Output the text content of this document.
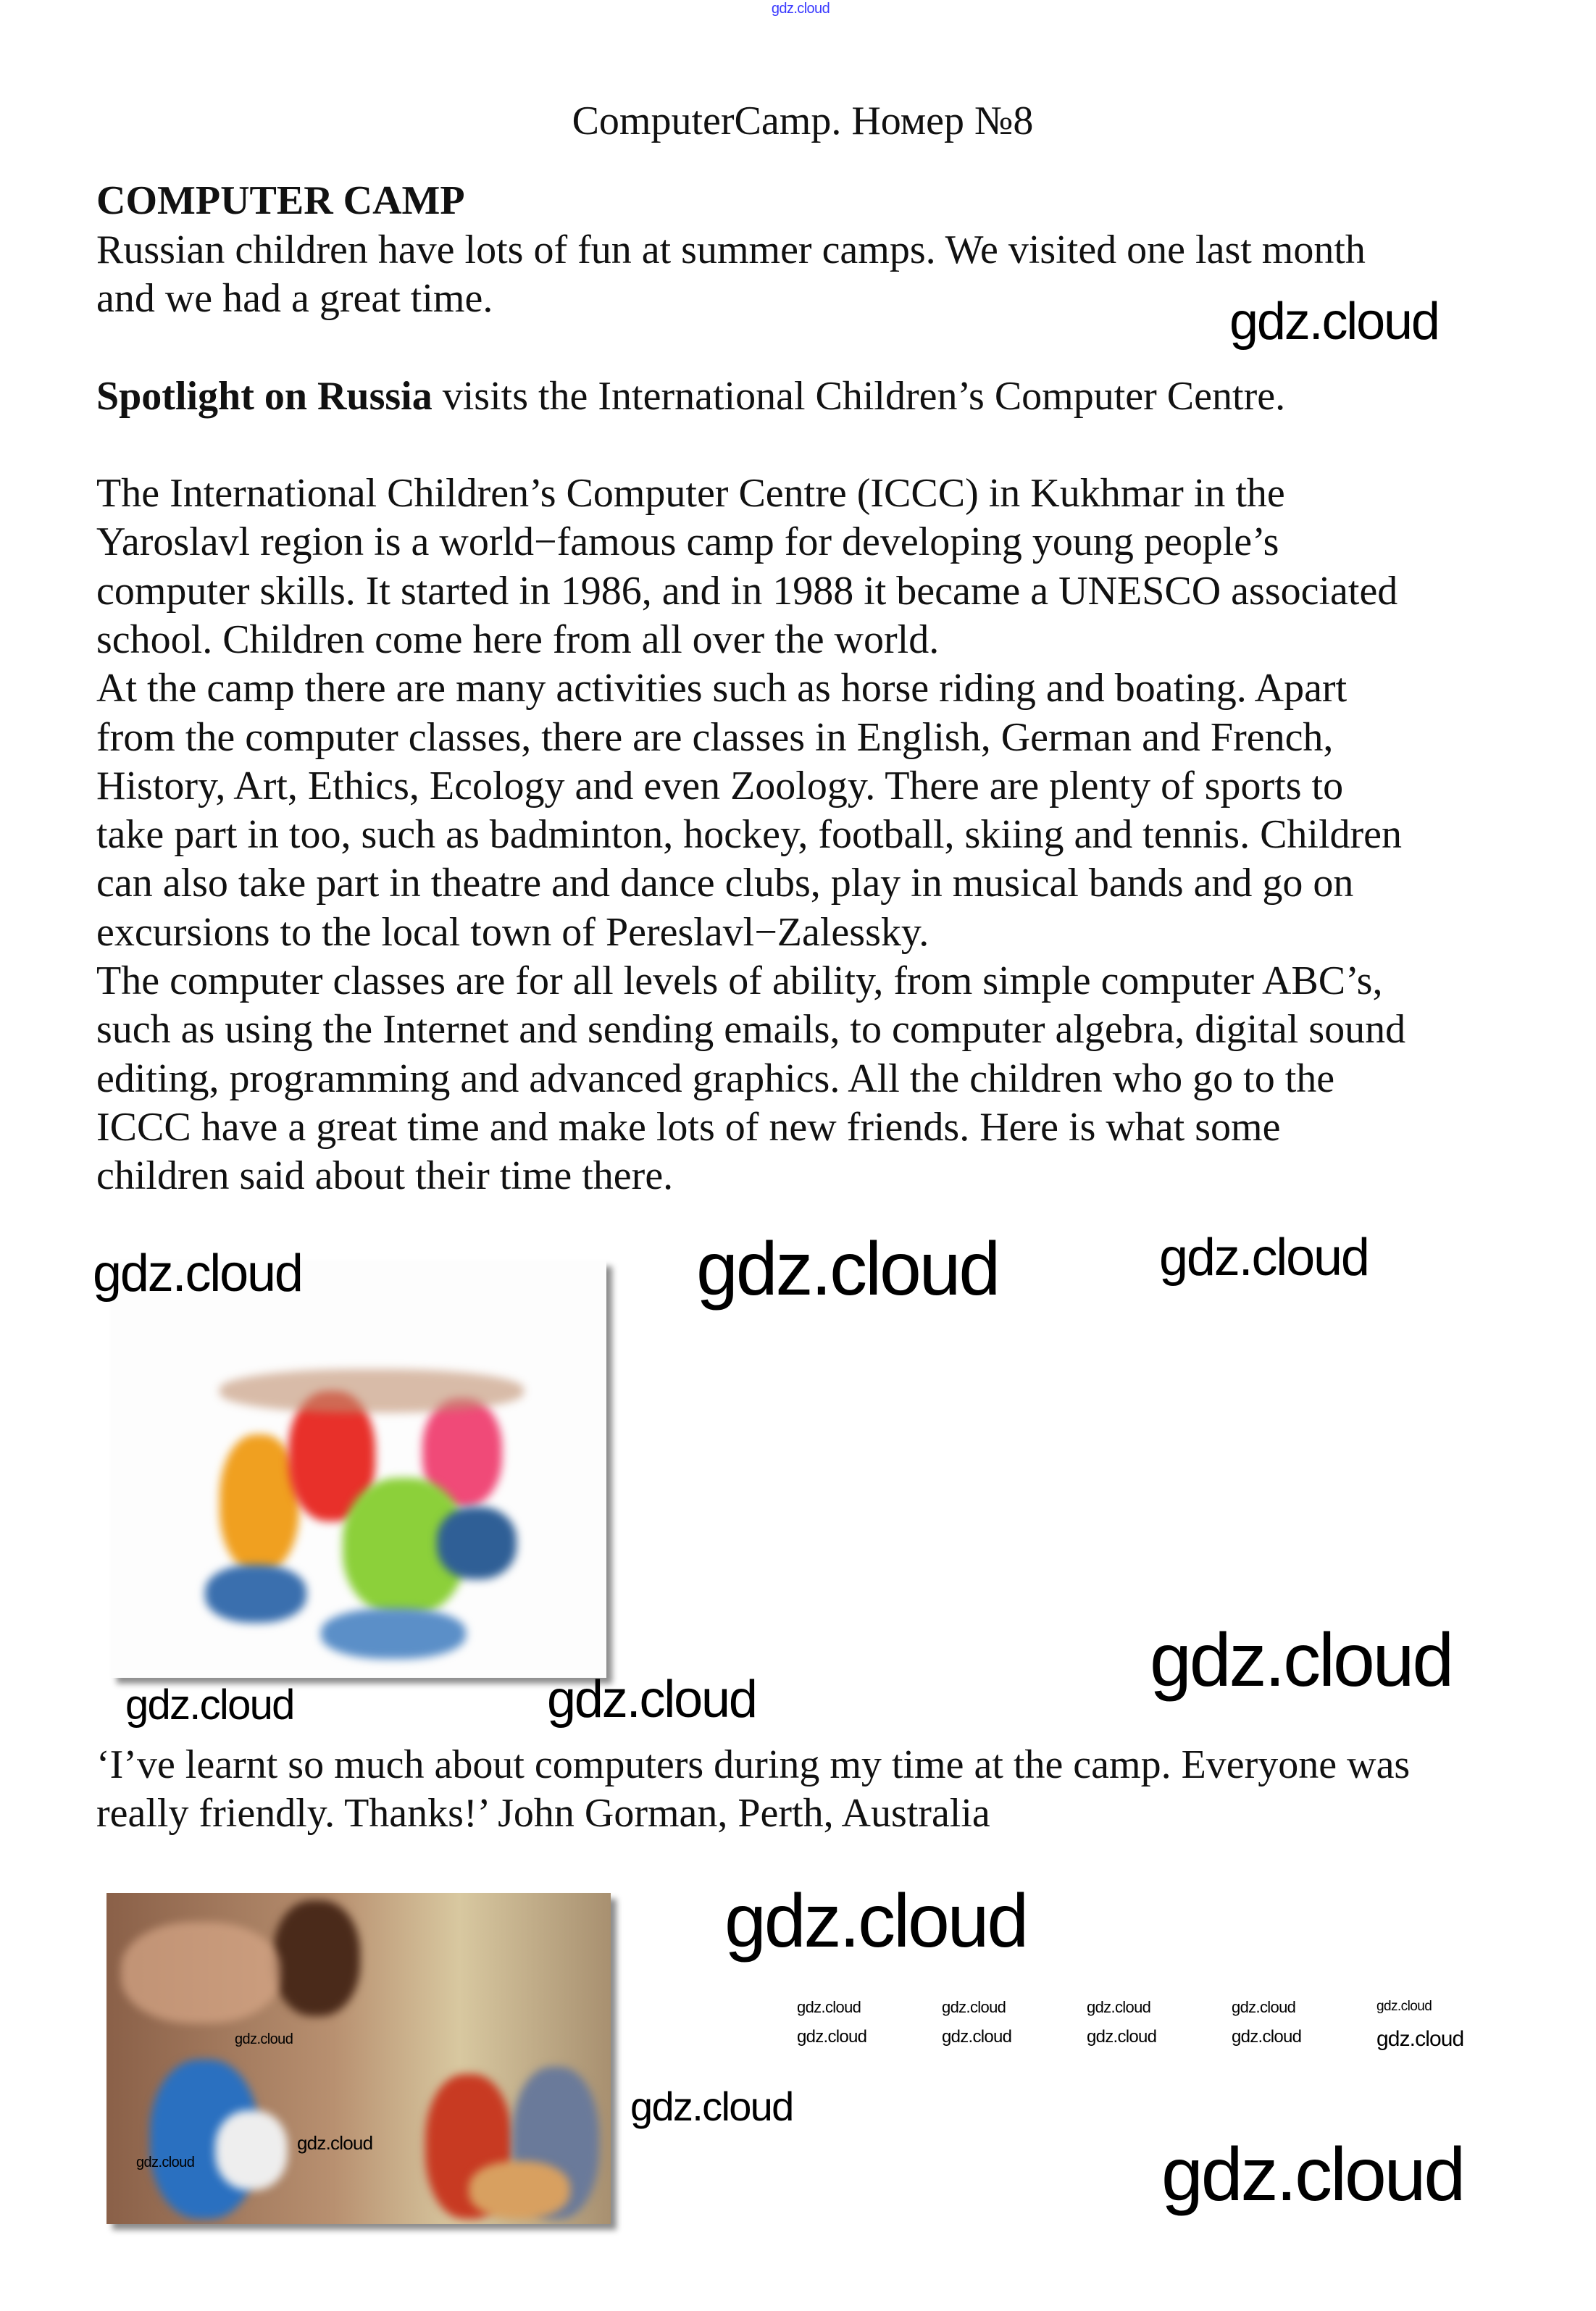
gdz.cloud
ComputerCamp. Номер №8
COMPUTER CAMP
Russian children have lots of fun at summer camps. We visited one last month
and we had a great time.
Spotlight on Russia visits the International Children’s Computer Centre.
The International Children’s Computer Centre (ICCC) in Kukhmar in the
Yaroslavl region is a world−famous camp for developing young people’s
computer skills. It started in 1986, and in 1988 it became a UNESCO associated
school. Children come here from all over the world.
At the camp there are many activities such as horse riding and boating. Apart
from the computer classes, there are classes in English, German and French,
History, Art, Ethics, Ecology and even Zoology. There are plenty of sports to
take part in too, such as badminton, hockey, football, skiing and tennis. Children
can also take part in theatre and dance clubs, play in musical bands and go on
excursions to the local town of Pereslavl−Zalessky.
The computer classes are for all levels of ability, from simple computer ABC’s,
such as using the Internet and sending emails, to computer algebra, digital sound
editing, programming and advanced graphics. All the children who go to the
ICCC have a great time and make lots of new friends. Here is what some
children said about their time there.
‘I’ve learnt so much about computers during my time at the camp. Everyone was
really friendly. Thanks!’ John Gorman, Perth, Australia
gdz.cloud
gdz.cloud
gdz.cloud
gdz.cloud
gdz.cloud
gdz.cloud
gdz.cloud
gdz.cloud	gdz.cloud
gdz.cloud
gdz.cloud	gdz.cloud	gdz.cloud	gdz.cloud	gdz.cloud
gdz.cloud	gdz.cloud	gdz.cloud	gdz.cloud	gdz.cloud
gdz.cloud
gdz.cloud
gdz.cloud
